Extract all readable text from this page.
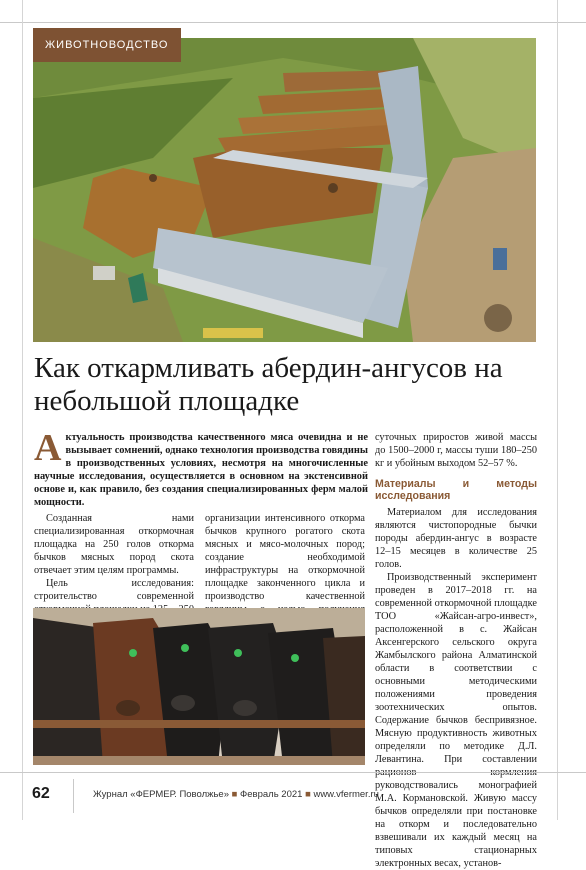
ЖИВОТНОВОДСТВО
Как откармливать абердин-ангусов на небольшой площадке

Актуальность производства качественного мяса очевидна и не вызывает сомнений, однако технология производства говядины в производственных условиях, несмотря на многочисленные научные исследования, осуществляется в основном на экстенсивной основе и, как правило, без создания специализированных ферм малой мощности.

Созданная нами специализированная откормочная площадка на 250 голов откорма бычков мясных пород скота отвечает этим целям программы.

Цель исследования: строительство современной

организации интенсивного откорма бычков крупного рогатого скота мясных и мясо-молочных пород; создание необходимой инфраструктуры на откормочной площадке законченного цикла и производство качественной

суточных приростов живой массы до 1500–2000 г, массы туши 180–250 кг и убойным выходом 52–57 %.

Материалы и методы исследования

Материалом для исследования являются чистопородные бычки породы абердин-ангус в возрасте 12–15 месяцев в количестве 25 голов.

Производственный эксперимент проведен в 2017–2018 гг. на современной откормочной площадке ТОО «Жайсан-агро-инвест», расположенной в с. Жайсан Аксенгерского сельского округа Жамбылского района Алматинской области в соответствии с основными методическими положениями проведения зоотехнических опытов. Содержание бычков беспривязное. Мясную продуктивность животных определяли по методике Д.Л. Левантина. При составлении руководствовались монографией М.А. Кормановской. Живую массу бычков определяли при постановке на откорм и последовательно взвешивали их каждый месяц на типовых стационарных электронных весах, установ-

62	Журнал «ФЕРМЕР. Поволжье» ■ Февраль 2021 ■ www.vfermer.ru
